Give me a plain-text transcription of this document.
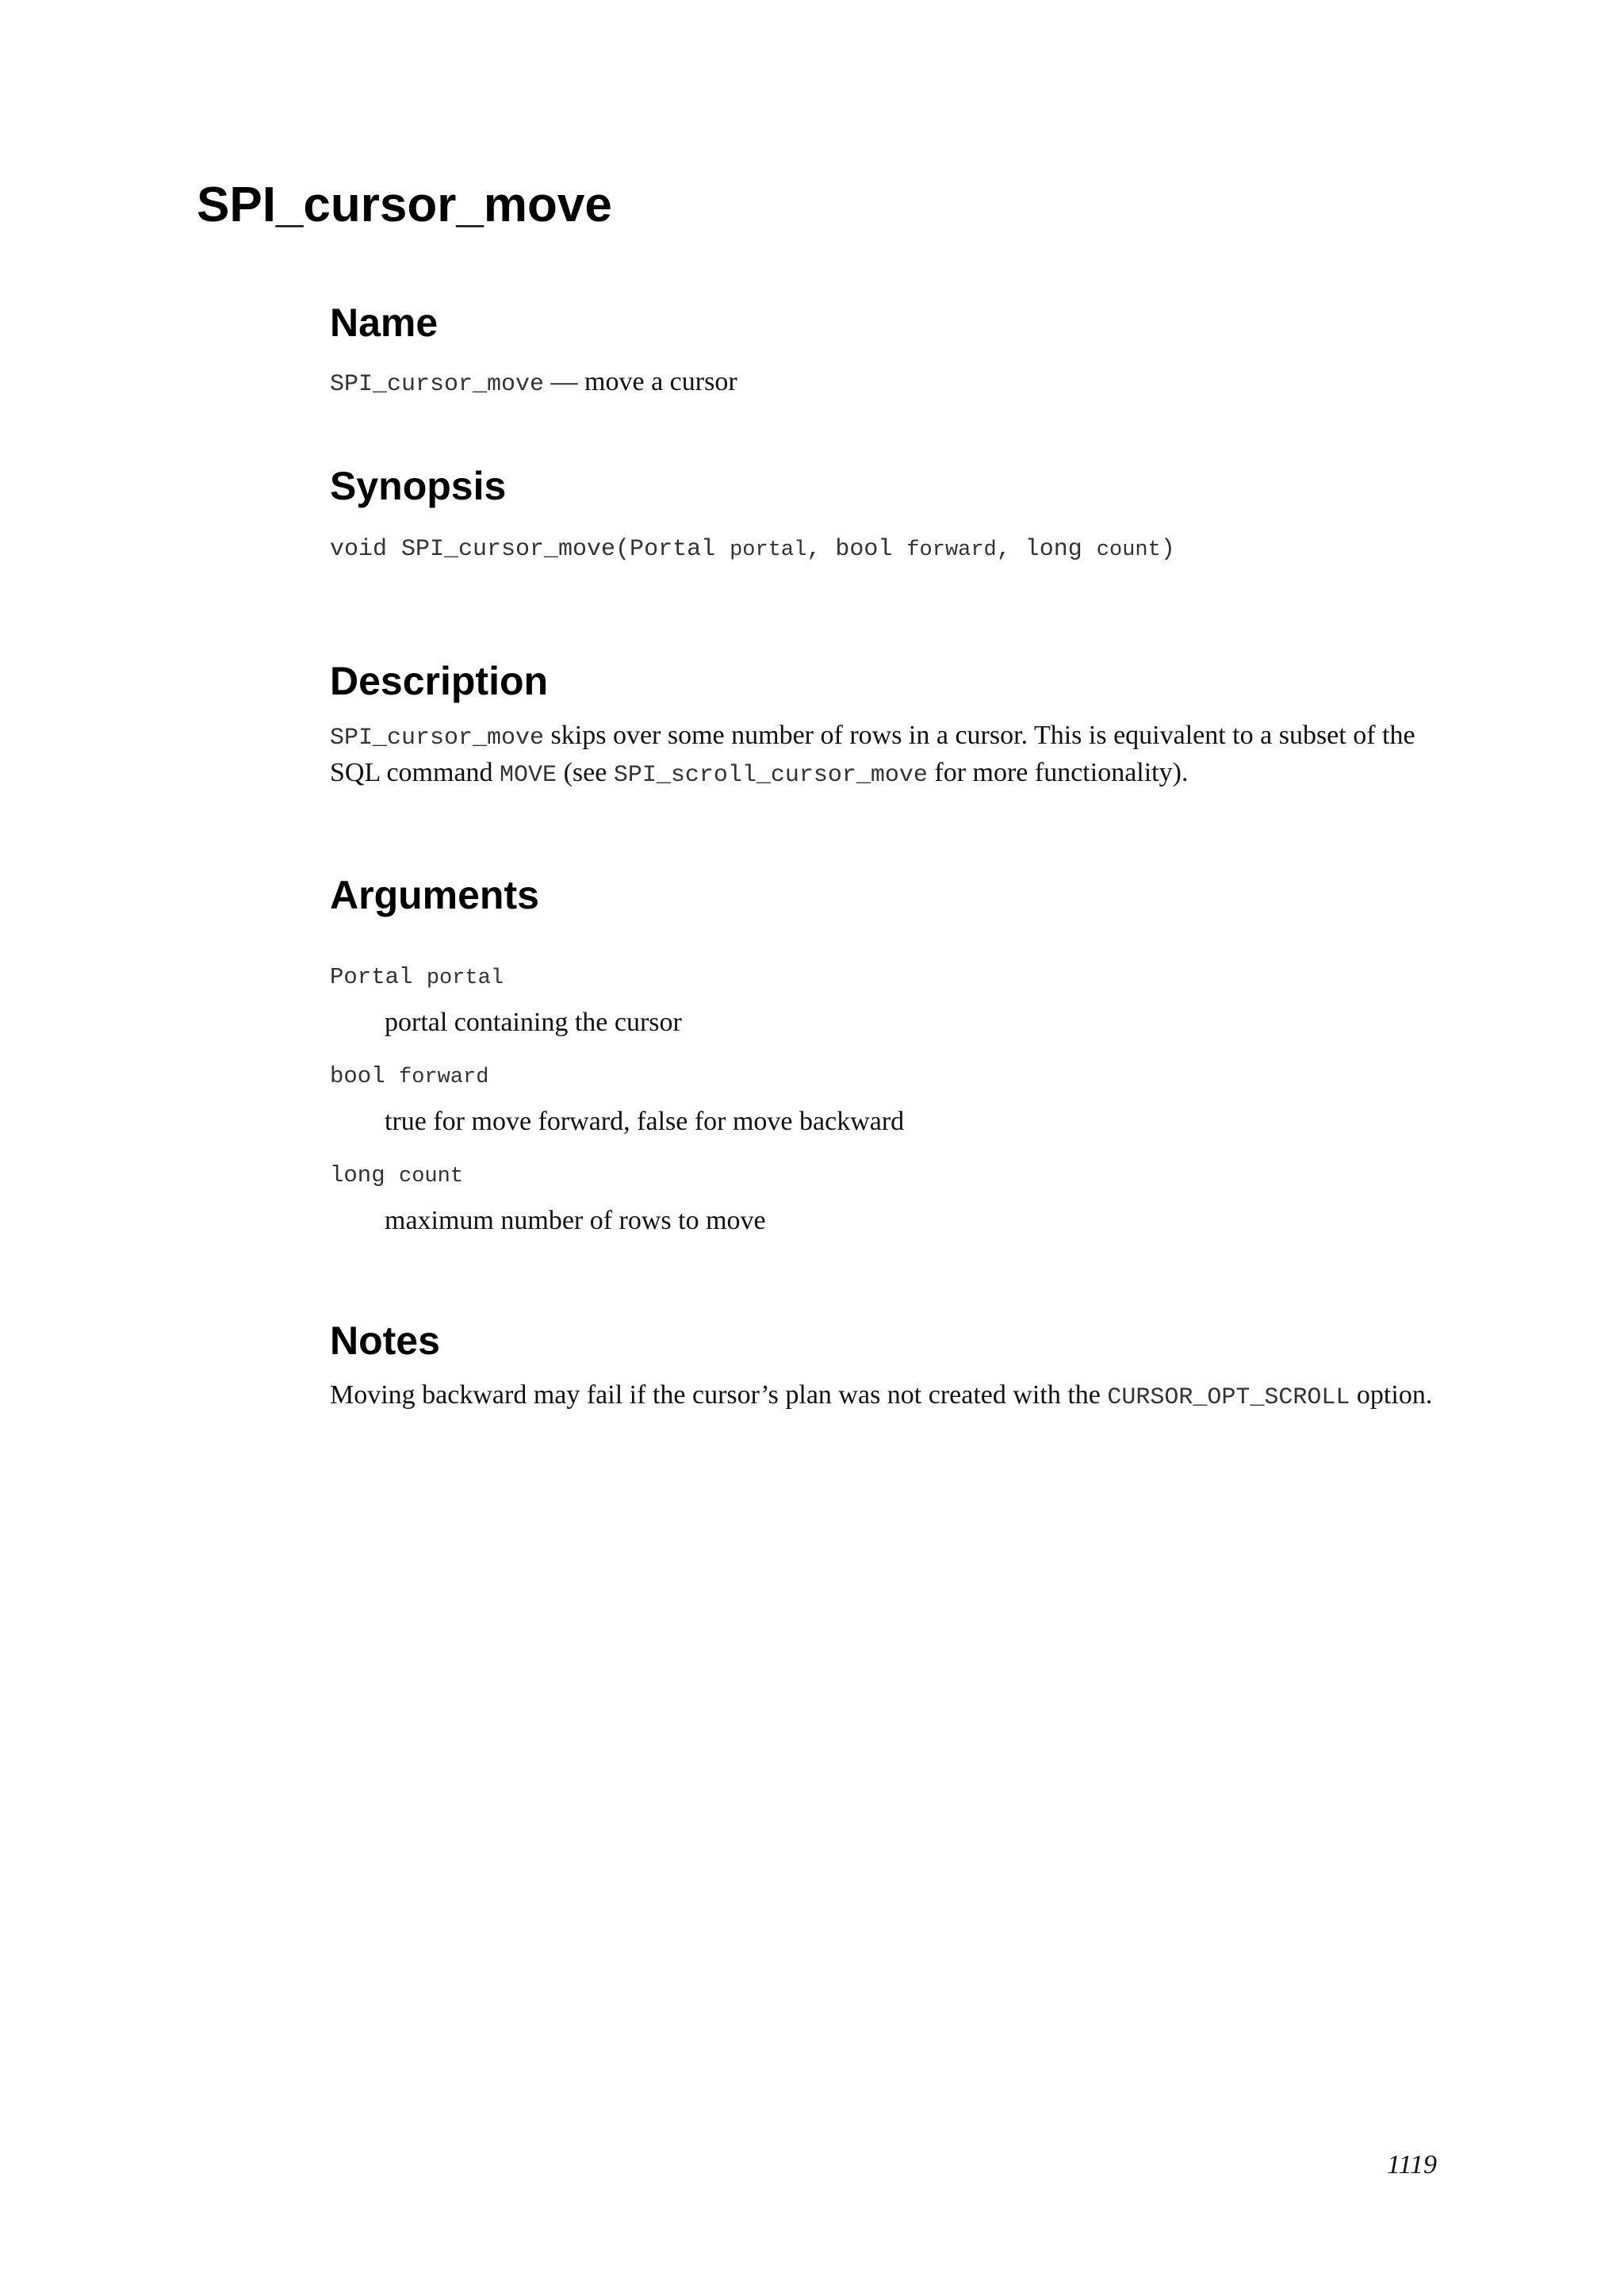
SPI_cursor_move
Name

SPI_cursor_move — move a cursor

Synopsis
void SPI_cursor_move(Portal portal, bool forward, long count)
Description

SPI_cursor_move skips over some number of rows in a cursor. This is equivalent to a subset of the SQL command MOVE (see SPI_scroll_cursor_move for more functionality).

Arguments
Portal portal
portal containing the cursor
bool forward
true for move forward, false for move backward
long count
maximum number of rows to move
Notes

Moving backward may fail if the cursor’s plan was not created with the CURSOR_OPT_SCROLL option.

1119
